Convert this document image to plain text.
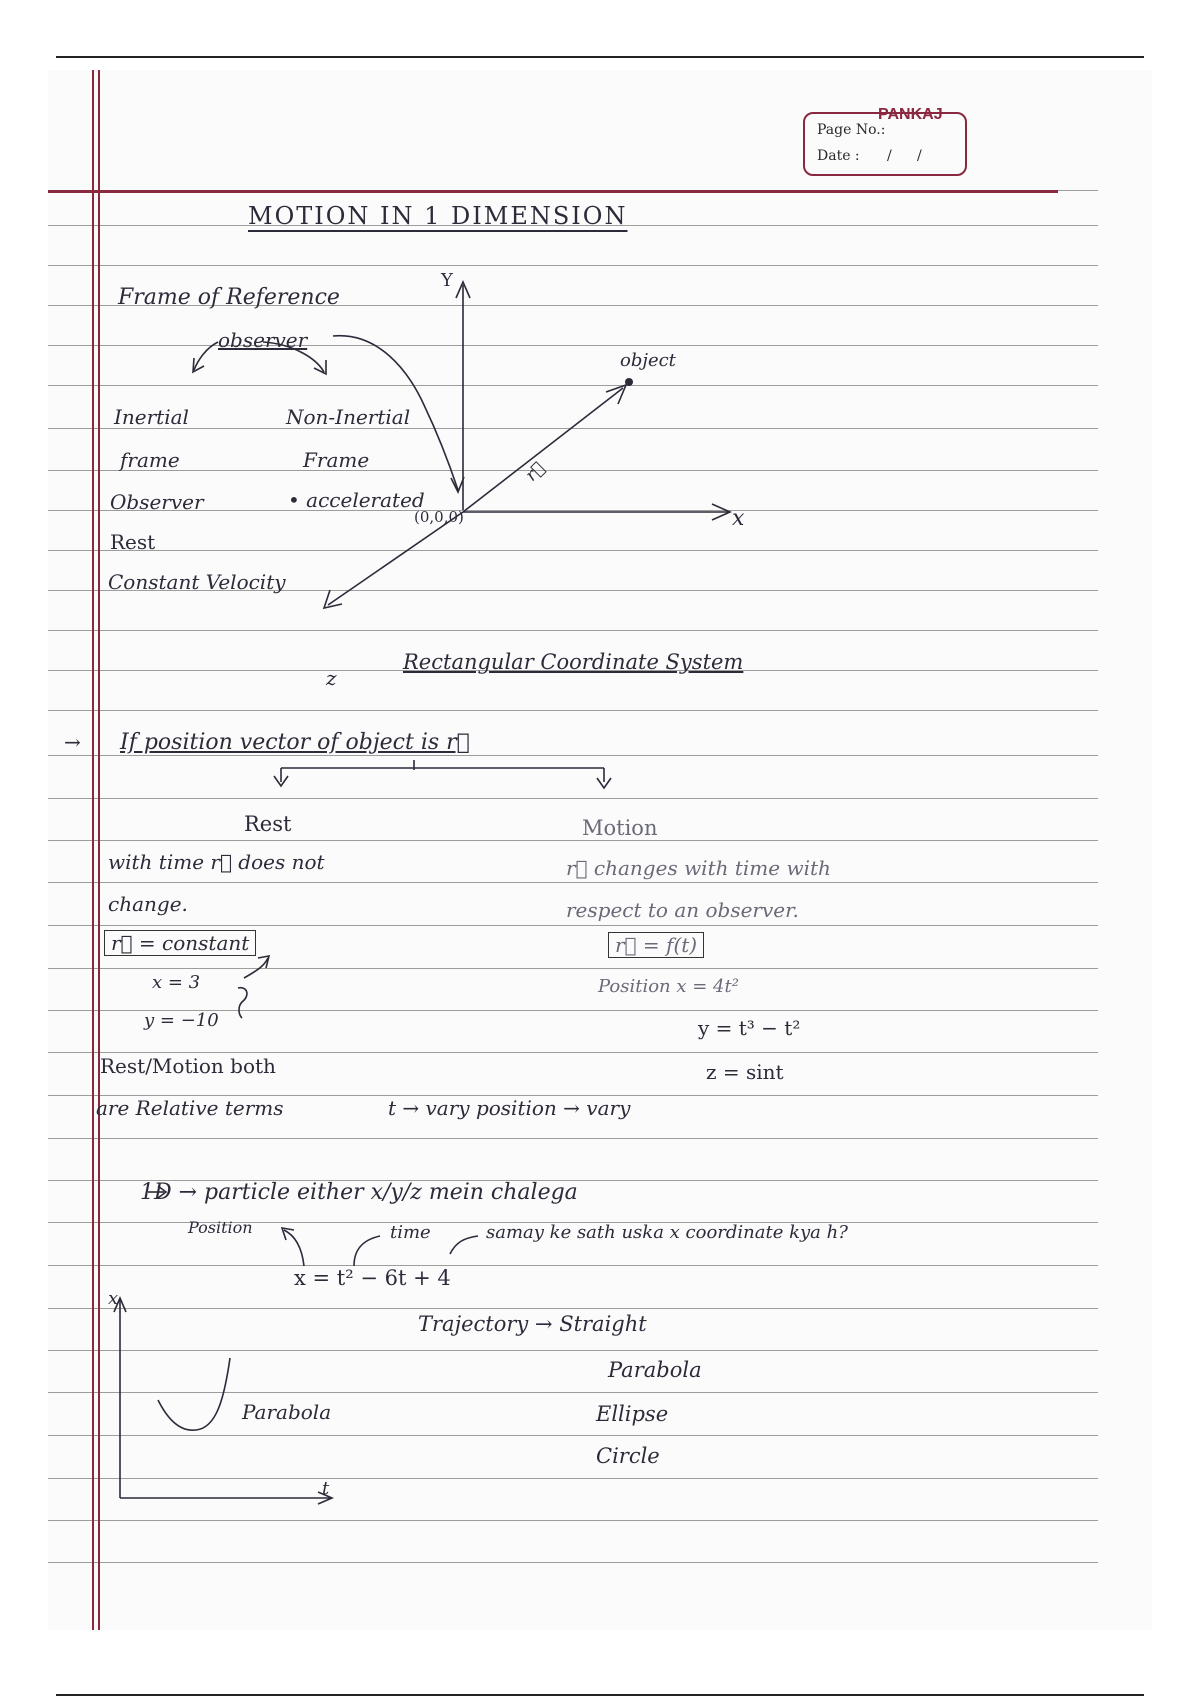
Page No.:
Date : / /
PANKAJ
MOTION IN 1 DIMENSION
Frame of Reference
observer
Inertial
frame
Observer
Rest
Constant Velocity
Non-Inertial
Frame
• accelerated
Y
x
z
(0,0,0)
object
r⃗
Rectangular Coordinate System
→ If position vector of object is r⃗
Rest
with time r⃗ does not
change.
r⃗ = constant
x = 3
y = −10
Motion
r⃗ changes with time with
respect to an observer.
r⃗ = f(t)
Position x = 4t²
y = t³ − t²
z = sint
Rest/Motion both
are Relative terms	t → vary position → vary
1D → particle either x/y/z mein chalega
Position	time	samay ke sath uska x coordinate kya h?
x = t² − 6t + 4
x
t
Parabola
Trajectory → Straight
Parabola
Ellipse
Circle
